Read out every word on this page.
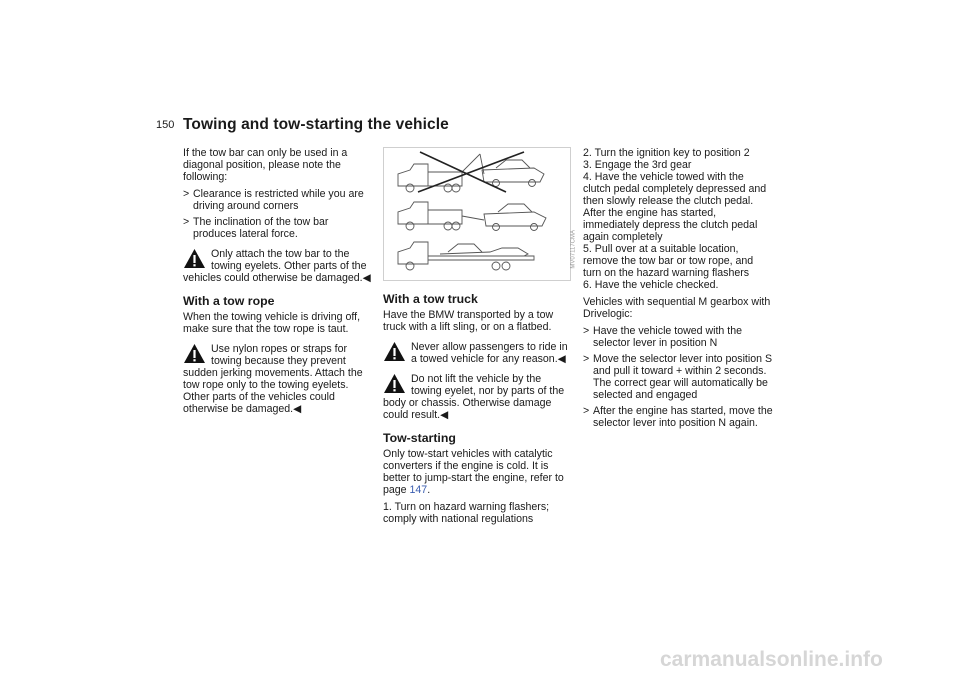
150 Towing and tow-starting the vehicle

If the tow bar can only be used in a diagonal position, please note the following:

> Clearance is restricted while you are driving around corners
> The inclination of the tow bar produces lateral force.
Only attach the tow bar to the towing eyelets. Other parts of the vehicles could otherwise be damaged.◀
With a tow rope

When the towing vehicle is driving off, make sure that the tow rope is taut.

Use nylon ropes or straps for towing because they prevent sudden jerking movements. Attach the tow rope only to the towing eyelets. Other parts of the vehicles could otherwise be damaged.◀
MV07117CMA
With a tow truck

Have the BMW transported by a tow truck with a lift sling, or on a flatbed.

Never allow passengers to ride in a towed vehicle for any reason.◀
Do not lift the vehicle by the towing eyelet, nor by parts of the body or chassis. Otherwise damage could result.◀
Tow-starting

Only tow-start vehicles with catalytic converters if the engine is cold. It is better to jump-start the engine, refer to page 147.

1. Turn on hazard warning flashers; comply with national regulations
2. Turn the ignition key to position 2
3. Engage the 3rd gear
4. Have the vehicle towed with the clutch pedal completely depressed and then slowly release the clutch pedal. After the engine has started, immediately depress the clutch pedal again completely
5. Pull over at a suitable location, remove the tow bar or tow rope, and turn on the hazard warning flashers
6. Have the vehicle checked.

Vehicles with sequential M gearbox with Drivelogic:

> Have the vehicle towed with the selector lever in position N
> Move the selector lever into position S and pull it toward + within 2 seconds. The correct gear will automatically be selected and engaged
> After the engine has started, move the selector lever into position N again.
carmanualsonline.info
